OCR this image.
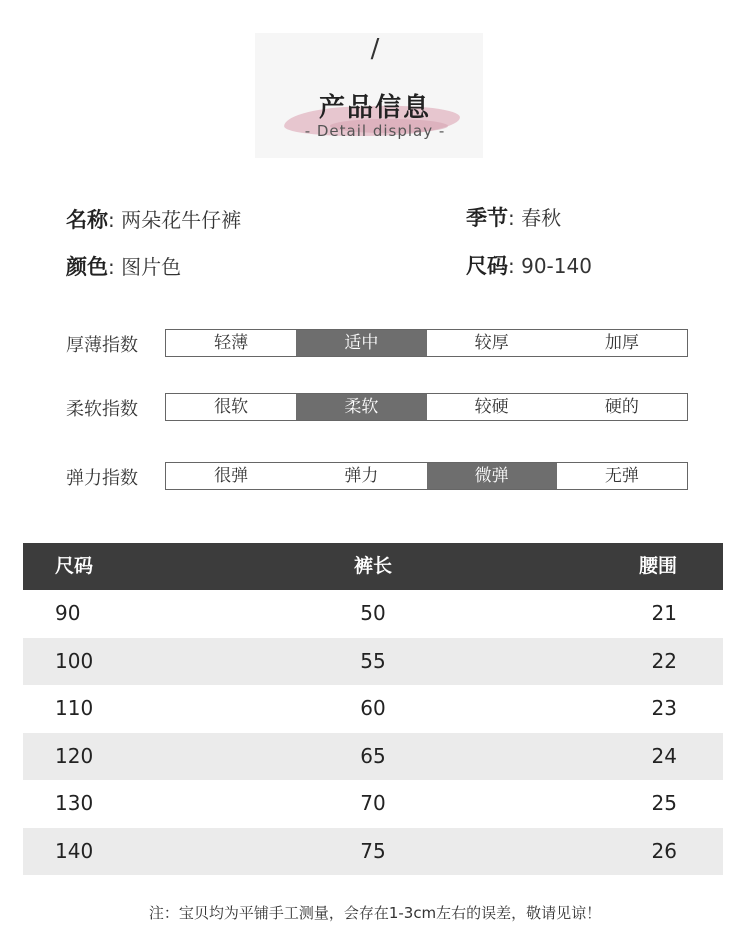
/
产品信息
- Detail display -
名称: 两朵花牛仔裤	季节: 春秋
颜色: 图片色	尺码: 90-140
厚薄指数	轻薄	适中	较厚	加厚
柔软指数	很软	柔软	较硬	硬的
弹力指数	很弹	弹力	微弹	无弹
尺码	裤长	腰围
90	50	21
100	55	22
110	60	23
120	65	24
130	70	25
140	75	26
注：宝贝均为平铺手工测量，会存在1-3cm左右的误差，敬请见谅！
